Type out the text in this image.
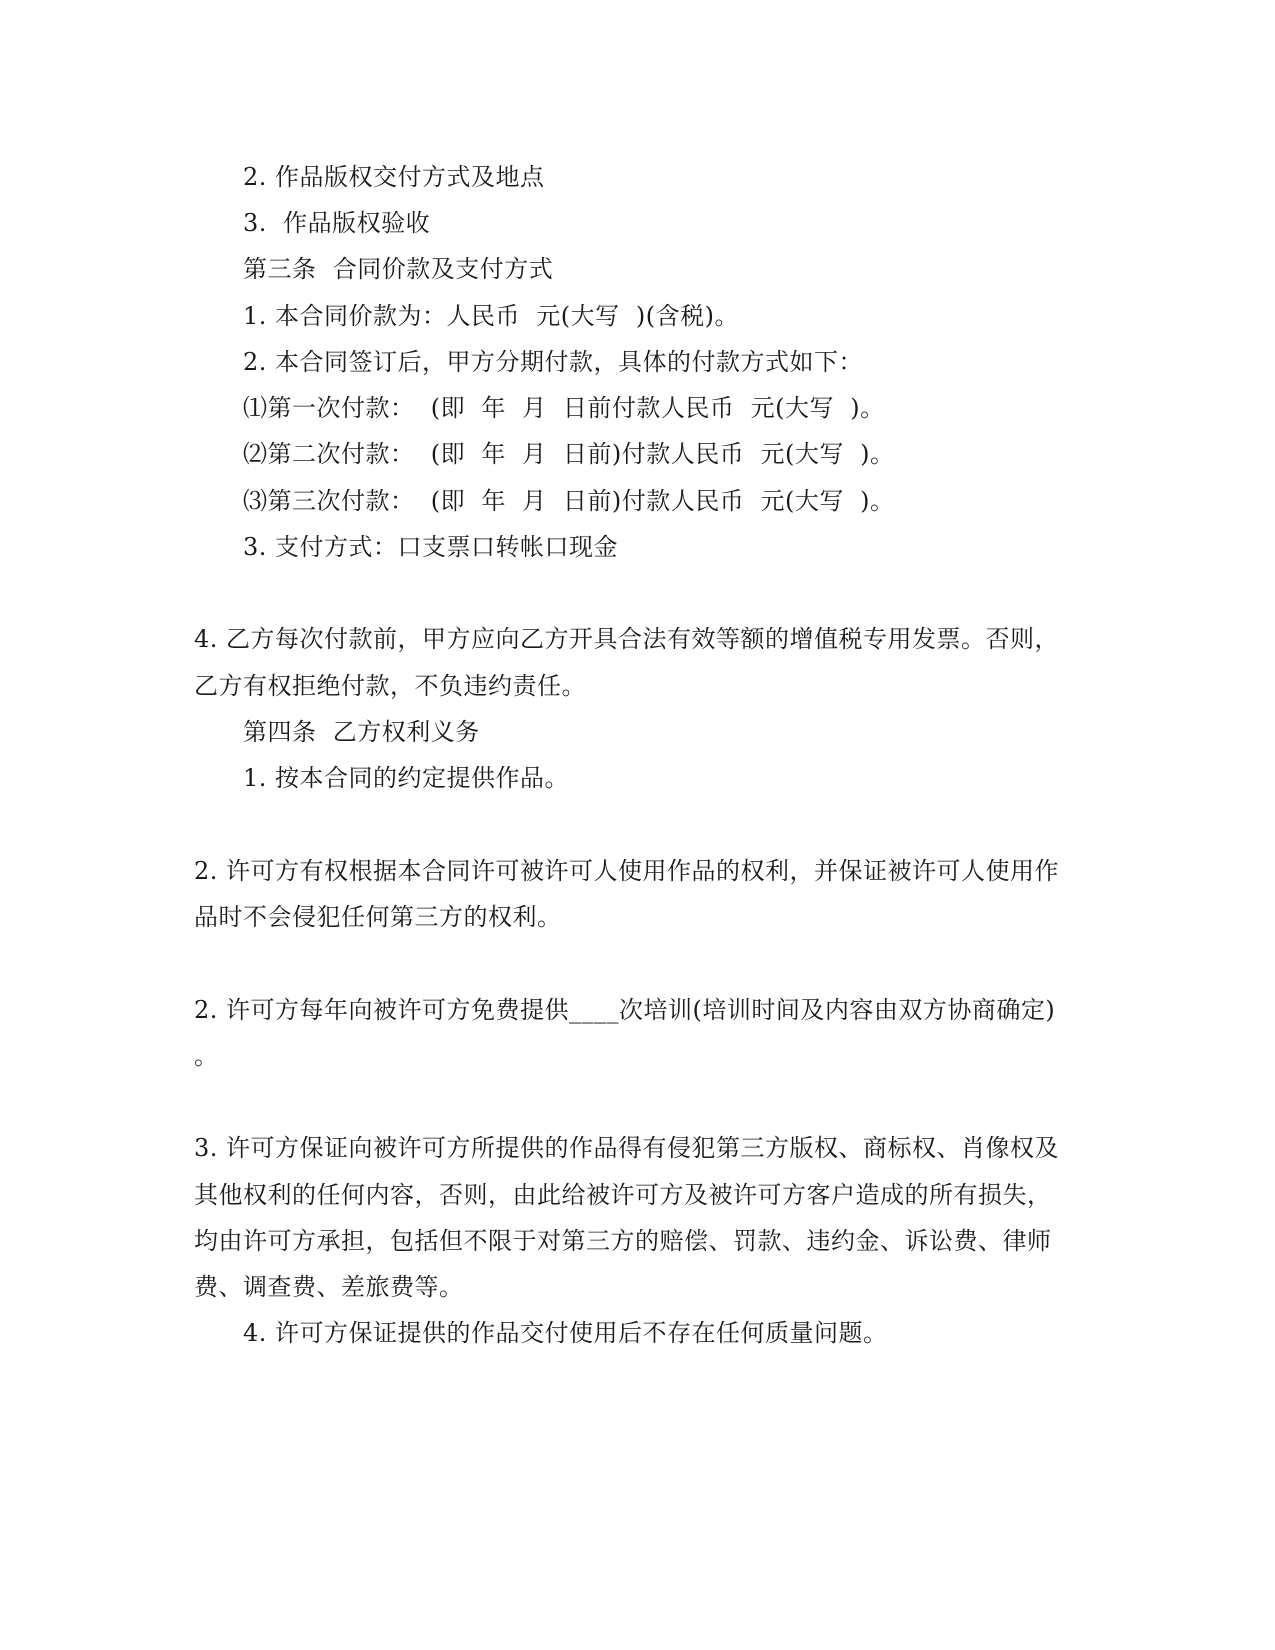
2. 作品版权交付方式及地点

3.  作品版权验收

第三条  合同价款及支付方式

1. 本合同价款为：人民币  元(大写  )(含税)。

2. 本合同签订后，甲方分期付款，具体的付款方式如下：

⑴第一次付款：  (即  年  月  日前付款人民币  元(大写  )。

⑵第二次付款：  (即  年  月  日前)付款人民币  元(大写  )。

⑶第三次付款：  (即  年  月  日前)付款人民币  元(大写  )。

3. 支付方式：口支票口转帐口现金

4. 乙方每次付款前，甲方应向乙方开具合法有效等额的增值税专用发票。否则，

乙方有权拒绝付款，不负违约责任。

第四条  乙方权利义务

1. 按本合同的约定提供作品。

2. 许可方有权根据本合同许可被许可人使用作品的权利，并保证被许可人使用作

品时不会侵犯任何第三方的权利。

2. 许可方每年向被许可方免费提供____次培训(培训时间及内容由双方协商确定)

。

3. 许可方保证向被许可方所提供的作品得有侵犯第三方版权、商标权、肖像权及

其他权利的任何内容，否则，由此给被许可方及被许可方客户造成的所有损失，

均由许可方承担，包括但不限于对第三方的赔偿、罚款、违约金、诉讼费、律师

费、调查费、差旅费等。

4. 许可方保证提供的作品交付使用后不存在任何质量问题。
